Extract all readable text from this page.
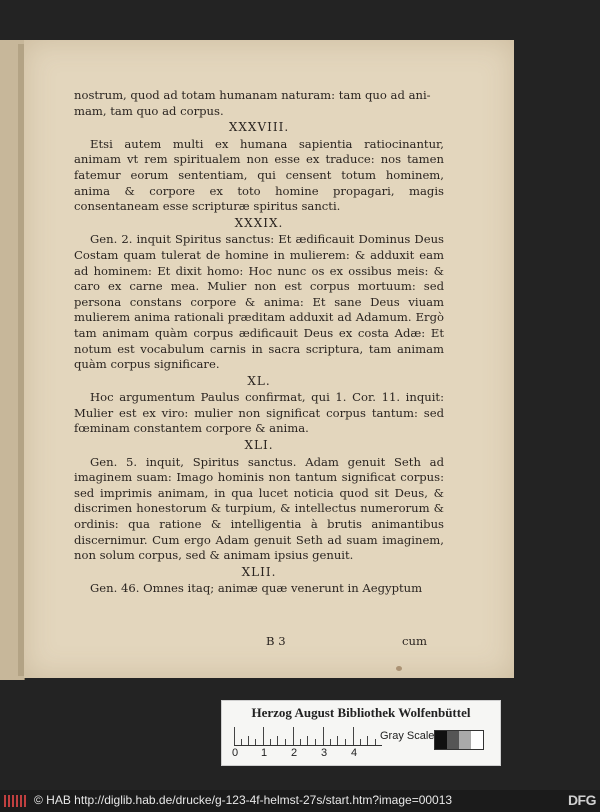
nostrum, quod ad totam humanam naturam: tam quo ad ani-

mam, tam quo ad corpus.

XXXVIII.

Etsi autem multi ex humana sapientia ratiocinantur, animam vt rem spiritualem non esse ex traduce: nos tamen fatemur eorum sententiam, qui censent totum hominem, anima & corpore ex toto homine propagari, magis consentaneam esse scripturæ spiritus sancti.

XXXIX.

Gen. 2. inquit Spiritus sanctus: Et ædificauit Dominus Deus Costam quam tulerat de homine in mulierem: & adduxit eam ad hominem: Et dixit homo: Hoc nunc os ex ossibus meis: & caro ex carne mea. Mulier non est corpus mortuum: sed persona constans corpore & anima: Et sane Deus viuam mulierem anima rationali præditam adduxit ad Adamum. Ergò tam animam quàm corpus ædificauit Deus ex costa Adæ: Et notum est vocabulum carnis in sacra scriptura, tam animam quàm corpus significare.

XL.

Hoc argumentum Paulus confirmat, qui 1. Cor. 11. inquit: Mulier est ex viro: mulier non significat corpus tantum: sed fœminam constantem corpore & anima.

XLI.

Gen. 5. inquit, Spiritus sanctus. Adam genuit Seth ad imaginem suam: Imago hominis non tantum significat corpus: sed imprimis animam, in qua lucet noticia quod sit Deus, & discrimen honestorum & turpium, & intellectus numerorum & ordinis: qua ratione & intelligentia à brutis animantibus discernimur. Cum ergo Adam genuit Seth ad suam imaginem, non solum corpus, sed & animam ipsius genuit.

XLII.

Gen. 46. Omnes itaq; animæ quæ venerunt in Aegyptum

B 3	cum
Herzog August Bibliothek Wolfenbüttel
0 1 2 3 4
Gray Scale
© HAB http://diglib.hab.de/drucke/g-123-4f-helmst-27s/start.htm?image=00013	DFG
